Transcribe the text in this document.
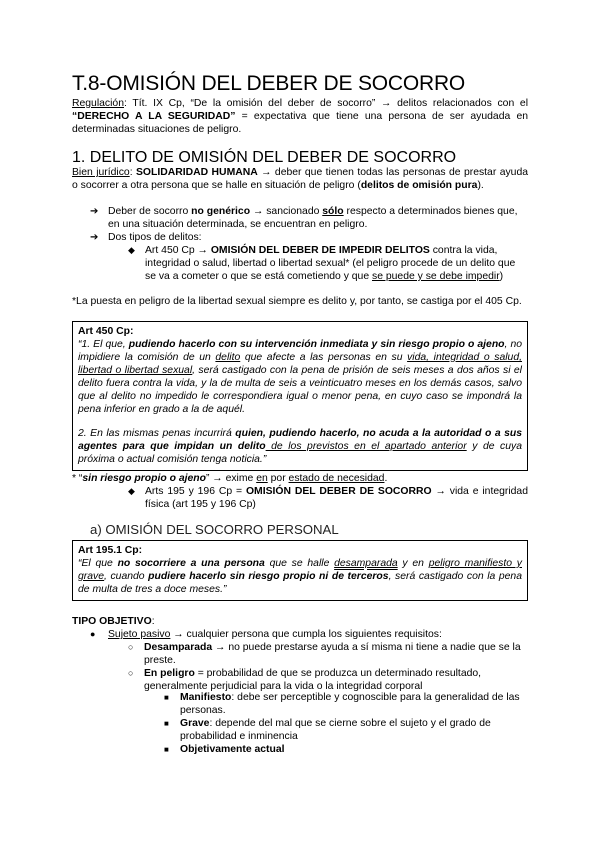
T.8-OMISIÓN DEL DEBER DE SOCORRO
Regulación: Tít. IX Cp, “De la omisión del deber de socorro” → delitos relacionados con el “DERECHO A LA SEGURIDAD” = expectativa que tiene una persona de ser ayudada en determinadas situaciones de peligro.
1. DELITO DE OMISIÓN DEL DEBER DE SOCORRO
Bien jurídico: SOLIDARIDAD HUMANA → deber que tienen todas las personas de prestar ayuda o socorrer a otra persona que se halle en situación de peligro (delitos de omisión pura).
➔ Deber de socorro no genérico → sancionado sólo respecto a determinados bienes que, en una situación determinada, se encuentran en peligro.
➔ Dos tipos de delitos:
◆ Art 450 Cp → OMISIÓN DEL DEBER DE IMPEDIR DELITOS contra la vida, integridad o salud, libertad o libertad sexual* (el peligro procede de un delito que se va a cometer o que se está cometiendo y que se puede y se debe impedir)
*La puesta en peligro de la libertad sexual siempre es delito y, por tanto, se castiga por el 405 Cp.

Art 450 Cp:

“1. El que, pudiendo hacerlo con su intervención inmediata y sin riesgo propio o ajeno, no impidiere la comisión de un delito que afecte a las personas en su vida, integridad o salud, libertad o libertad sexual, será castigado con la pena de prisión de seis meses a dos años si el delito fuera contra la vida, y la de multa de seis a veinticuatro meses en los demás casos, salvo que al delito no impedido le correspondiera igual o menor pena, en cuyo caso se impondrá la pena inferior en grado a la de aquél.

2. En las mismas penas incurrirá quien, pudiendo hacerlo, no acuda a la autoridad o a sus agentes para que impidan un delito de los previstos en el apartado anterior y de cuya próxima o actual comisión tenga noticia.”

* “sin riesgo propio o ajeno” → exime en por estado de necesidad.
◆ Arts 195 y 196 Cp = OMISIÓN DEL DEBER DE SOCORRO → vida e integridad física (art 195 y 196 Cp)
a) OMISIÓN DEL SOCORRO PERSONAL

Art 195.1 Cp:

“El que no socorriere a una persona que se halle desamparada y en peligro manifiesto y grave, cuando pudiere hacerlo sin riesgo propio ni de terceros, será castigado con la pena de multa de tres a doce meses.”

TIPO OBJETIVO:
● Sujeto pasivo → cualquier persona que cumpla los siguientes requisitos:
○ Desamparada → no puede prestarse ayuda a sí misma ni tiene a nadie que se la preste.
○ En peligro = probabilidad de que se produzca un determinado resultado, generalmente perjudicial para la vida o la integridad corporal
■ Manifiesto: debe ser perceptible y cognoscible para la generalidad de las personas.
■ Grave: depende del mal que se cierne sobre el sujeto y el grado de probabilidad e inminencia
■ Objetivamente actual
